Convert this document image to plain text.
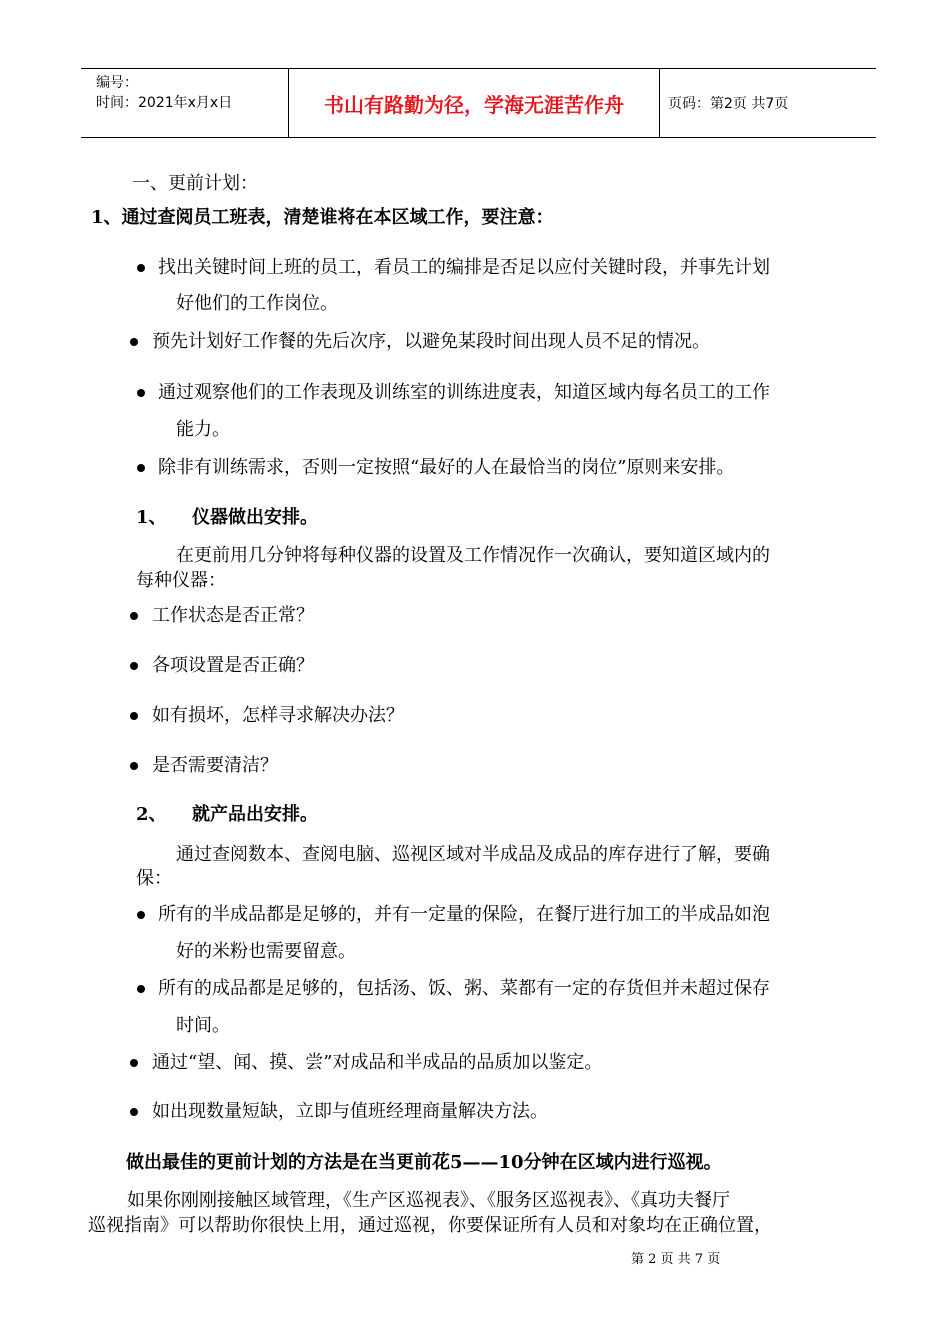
编号：
时间：2021年x月x日	书山有路勤为径，学海无涯苦作舟	页码：第2页 共7页
一、更前计划：
1、通过查阅员工班表，清楚谁将在本区域工作，要注意：
找出关键时间上班的员工，看员工的编排是否足以应付关键时段，并事先计划
好他们的工作岗位。
预先计划好工作餐的先后次序，以避免某段时间出现人员不足的情况。
通过观察他们的工作表现及训练室的训练进度表，知道区域内每名员工的工作
能力。
除非有训练需求，否则一定按照“最好的人在最恰当的岗位”原则来安排。
1、 仪器做出安排。
在更前用几分钟将每种仪器的设置及工作情况作一次确认，要知道区域内的
每种仪器：
工作状态是否正常？
各项设置是否正确？
如有损坏，怎样寻求解决办法？
是否需要清洁？
2、 就产品出安排。
通过查阅数本、查阅电脑、巡视区域对半成品及成品的库存进行了解，要确
保：
所有的半成品都是足够的，并有一定量的保险，在餐厅进行加工的半成品如泡
好的米粉也需要留意。
所有的成品都是足够的，包括汤、饭、粥、菜都有一定的存货但并未超过保存
时间。
通过“望、闻、摸、尝”对成品和半成品的品质加以鉴定。
如出现数量短缺，立即与值班经理商量解决方法。
做出最佳的更前计划的方法是在当更前花5——10分钟在区域内进行巡视。
如果你刚刚接触区域管理，《生产区巡视表》、《服务区巡视表》、《真功夫餐厅
巡视指南》可以帮助你很快上用，通过巡视，你要保证所有人员和对象均在正确位置，
第 2 页 共 7 页
